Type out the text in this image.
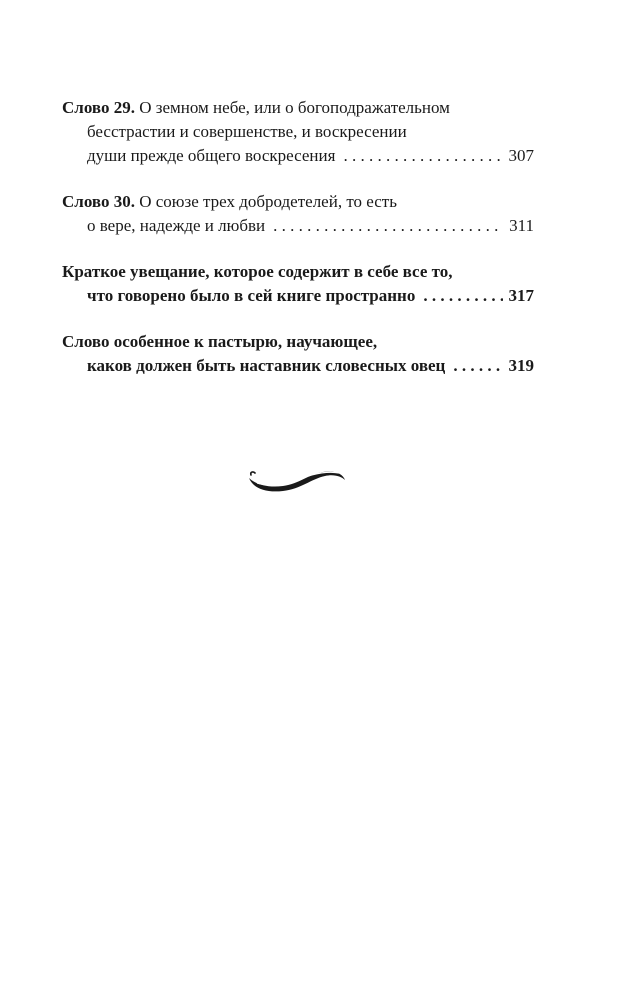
Слово 29.
О земном небе, или о богоподражательном
бесстрастии и совершенстве, и воскресении
души прежде общего воскресения . . .	307
Слово 30.
О союзе трех добродетелей, то есть
о вере, надежде и любви . . .	311
Краткое увещание, которое содержит в себе все то,
что говорено было в сей книге пространно . . .	317
Слово особенное к пастырю, научающее,
каков должен быть наставник словесных овец . . .	319
